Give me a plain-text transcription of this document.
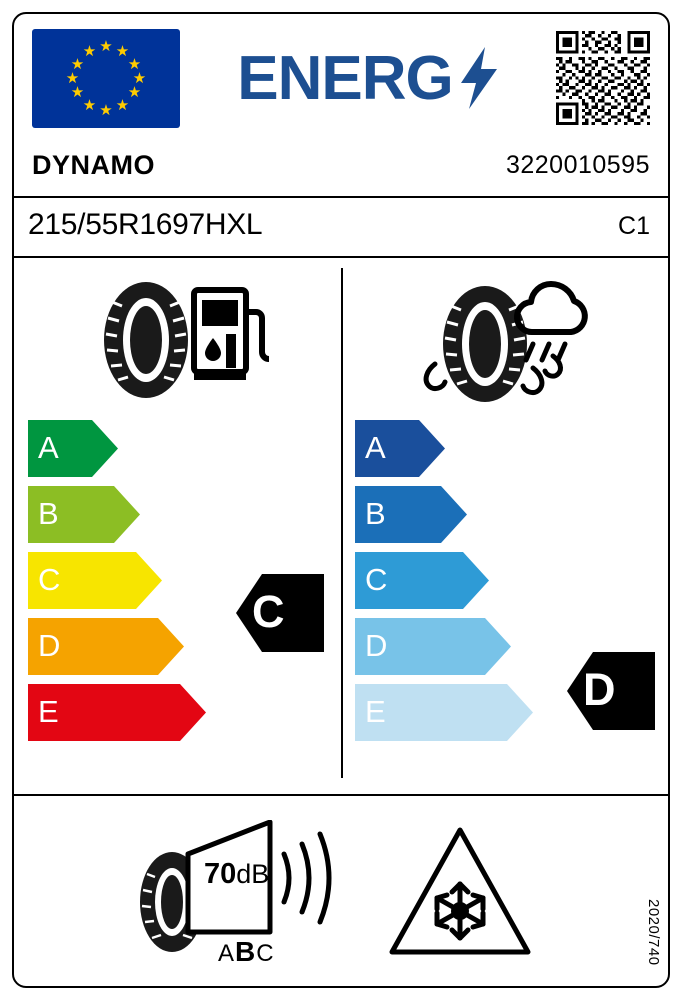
★
★ ★
★	★
★	★
★	★
★ ★
★ ENERG
DYNAMO	3220010595
215/55R1697HXL	C1
A
B
C
D
E
C
A
B
C
D
E	D
70dB
ABC	2020/740
